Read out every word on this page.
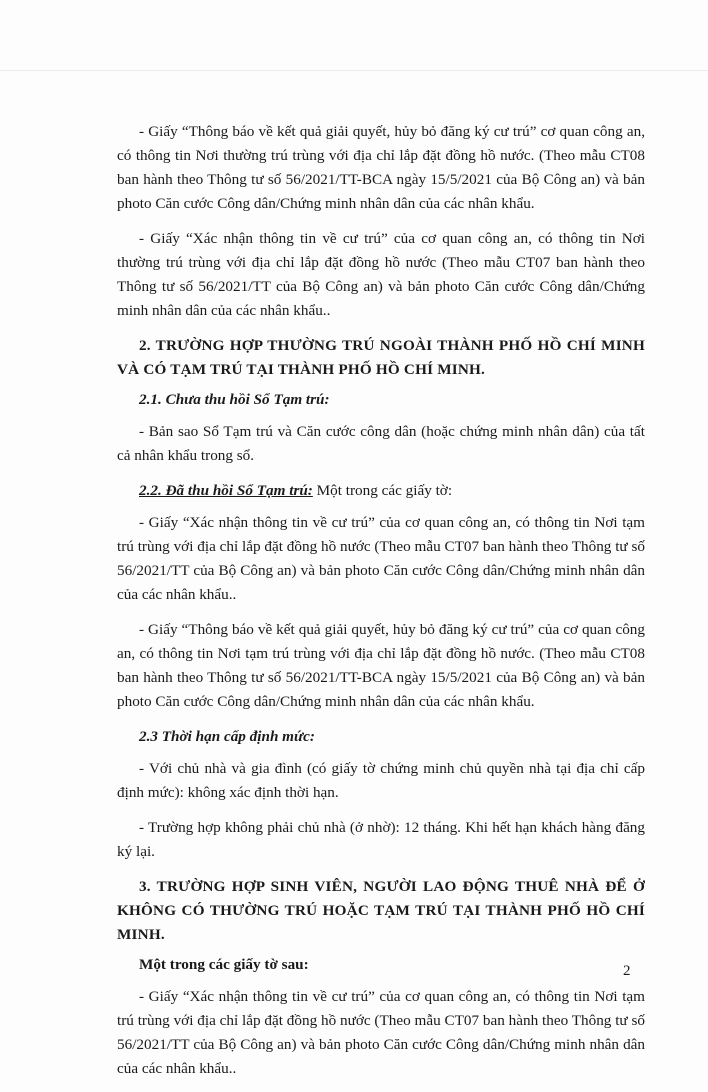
- Giấy “Thông báo về kết quả giải quyết, hủy bỏ đăng ký cư trú” cơ quan công an, có thông tin Nơi thường trú trùng với địa chỉ lắp đặt đồng hồ nước. (Theo mẫu CT08 ban hành theo Thông tư số 56/2021/TT-BCA ngày 15/5/2021 của Bộ Công an) và bản photo Căn cước Công dân/Chứng minh nhân dân của các nhân khẩu.

- Giấy “Xác nhận thông tin về cư trú” của cơ quan công an, có thông tin Nơi thường trú trùng với địa chỉ lắp đặt đồng hồ nước (Theo mẫu CT07 ban hành theo Thông tư số 56/2021/TT của Bộ Công an) và bản photo Căn cước Công dân/Chứng minh nhân dân của các nhân khẩu..

2. TRƯỜNG HỢP THƯỜNG TRÚ NGOÀI THÀNH PHỐ HỒ CHÍ MINH VÀ CÓ TẠM TRÚ TẠI THÀNH PHỐ HỒ CHÍ MINH.

2.1. Chưa thu hồi Sổ Tạm trú:

- Bản sao Sổ Tạm trú và Căn cước công dân (hoặc chứng minh nhân dân) của tất cả nhân khẩu trong sổ.

2.2. Đã thu hồi Sổ Tạm trú: Một trong các giấy tờ:

- Giấy “Xác nhận thông tin về cư trú” của cơ quan công an, có thông tin Nơi tạm trú trùng với địa chỉ lắp đặt đồng hồ nước (Theo mẫu CT07 ban hành theo Thông tư số 56/2021/TT của Bộ Công an) và bản photo Căn cước Công dân/Chứng minh nhân dân của các nhân khẩu..

- Giấy “Thông báo về kết quả giải quyết, hủy bỏ đăng ký cư trú” của cơ quan công an, có thông tin Nơi tạm trú trùng với địa chỉ lắp đặt đồng hồ nước. (Theo mẫu CT08 ban hành theo Thông tư số 56/2021/TT-BCA ngày 15/5/2021 của Bộ Công an) và bản photo Căn cước Công dân/Chứng minh nhân dân của các nhân khẩu.

2.3 Thời hạn cấp định mức:

- Với chủ nhà và gia đình (có giấy tờ chứng minh chủ quyền nhà tại địa chỉ cấp định mức): không xác định thời hạn.

- Trường hợp không phải chủ nhà (ở nhờ): 12 tháng. Khi hết hạn khách hàng đăng ký lại.

3. TRƯỜNG HỢP SINH VIÊN, NGƯỜI LAO ĐỘNG THUÊ NHÀ ĐỂ Ở KHÔNG CÓ THƯỜNG TRÚ HOẶC TẠM TRÚ TẠI THÀNH PHỐ HỒ CHÍ MINH.

Một trong các giấy tờ sau:

- Giấy “Xác nhận thông tin về cư trú” của cơ quan công an, có thông tin Nơi tạm trú trùng với địa chỉ lắp đặt đồng hồ nước (Theo mẫu CT07 ban hành theo Thông tư số 56/2021/TT của Bộ Công an) và bản photo Căn cước Công dân/Chứng minh nhân dân của các nhân khẩu..

2
